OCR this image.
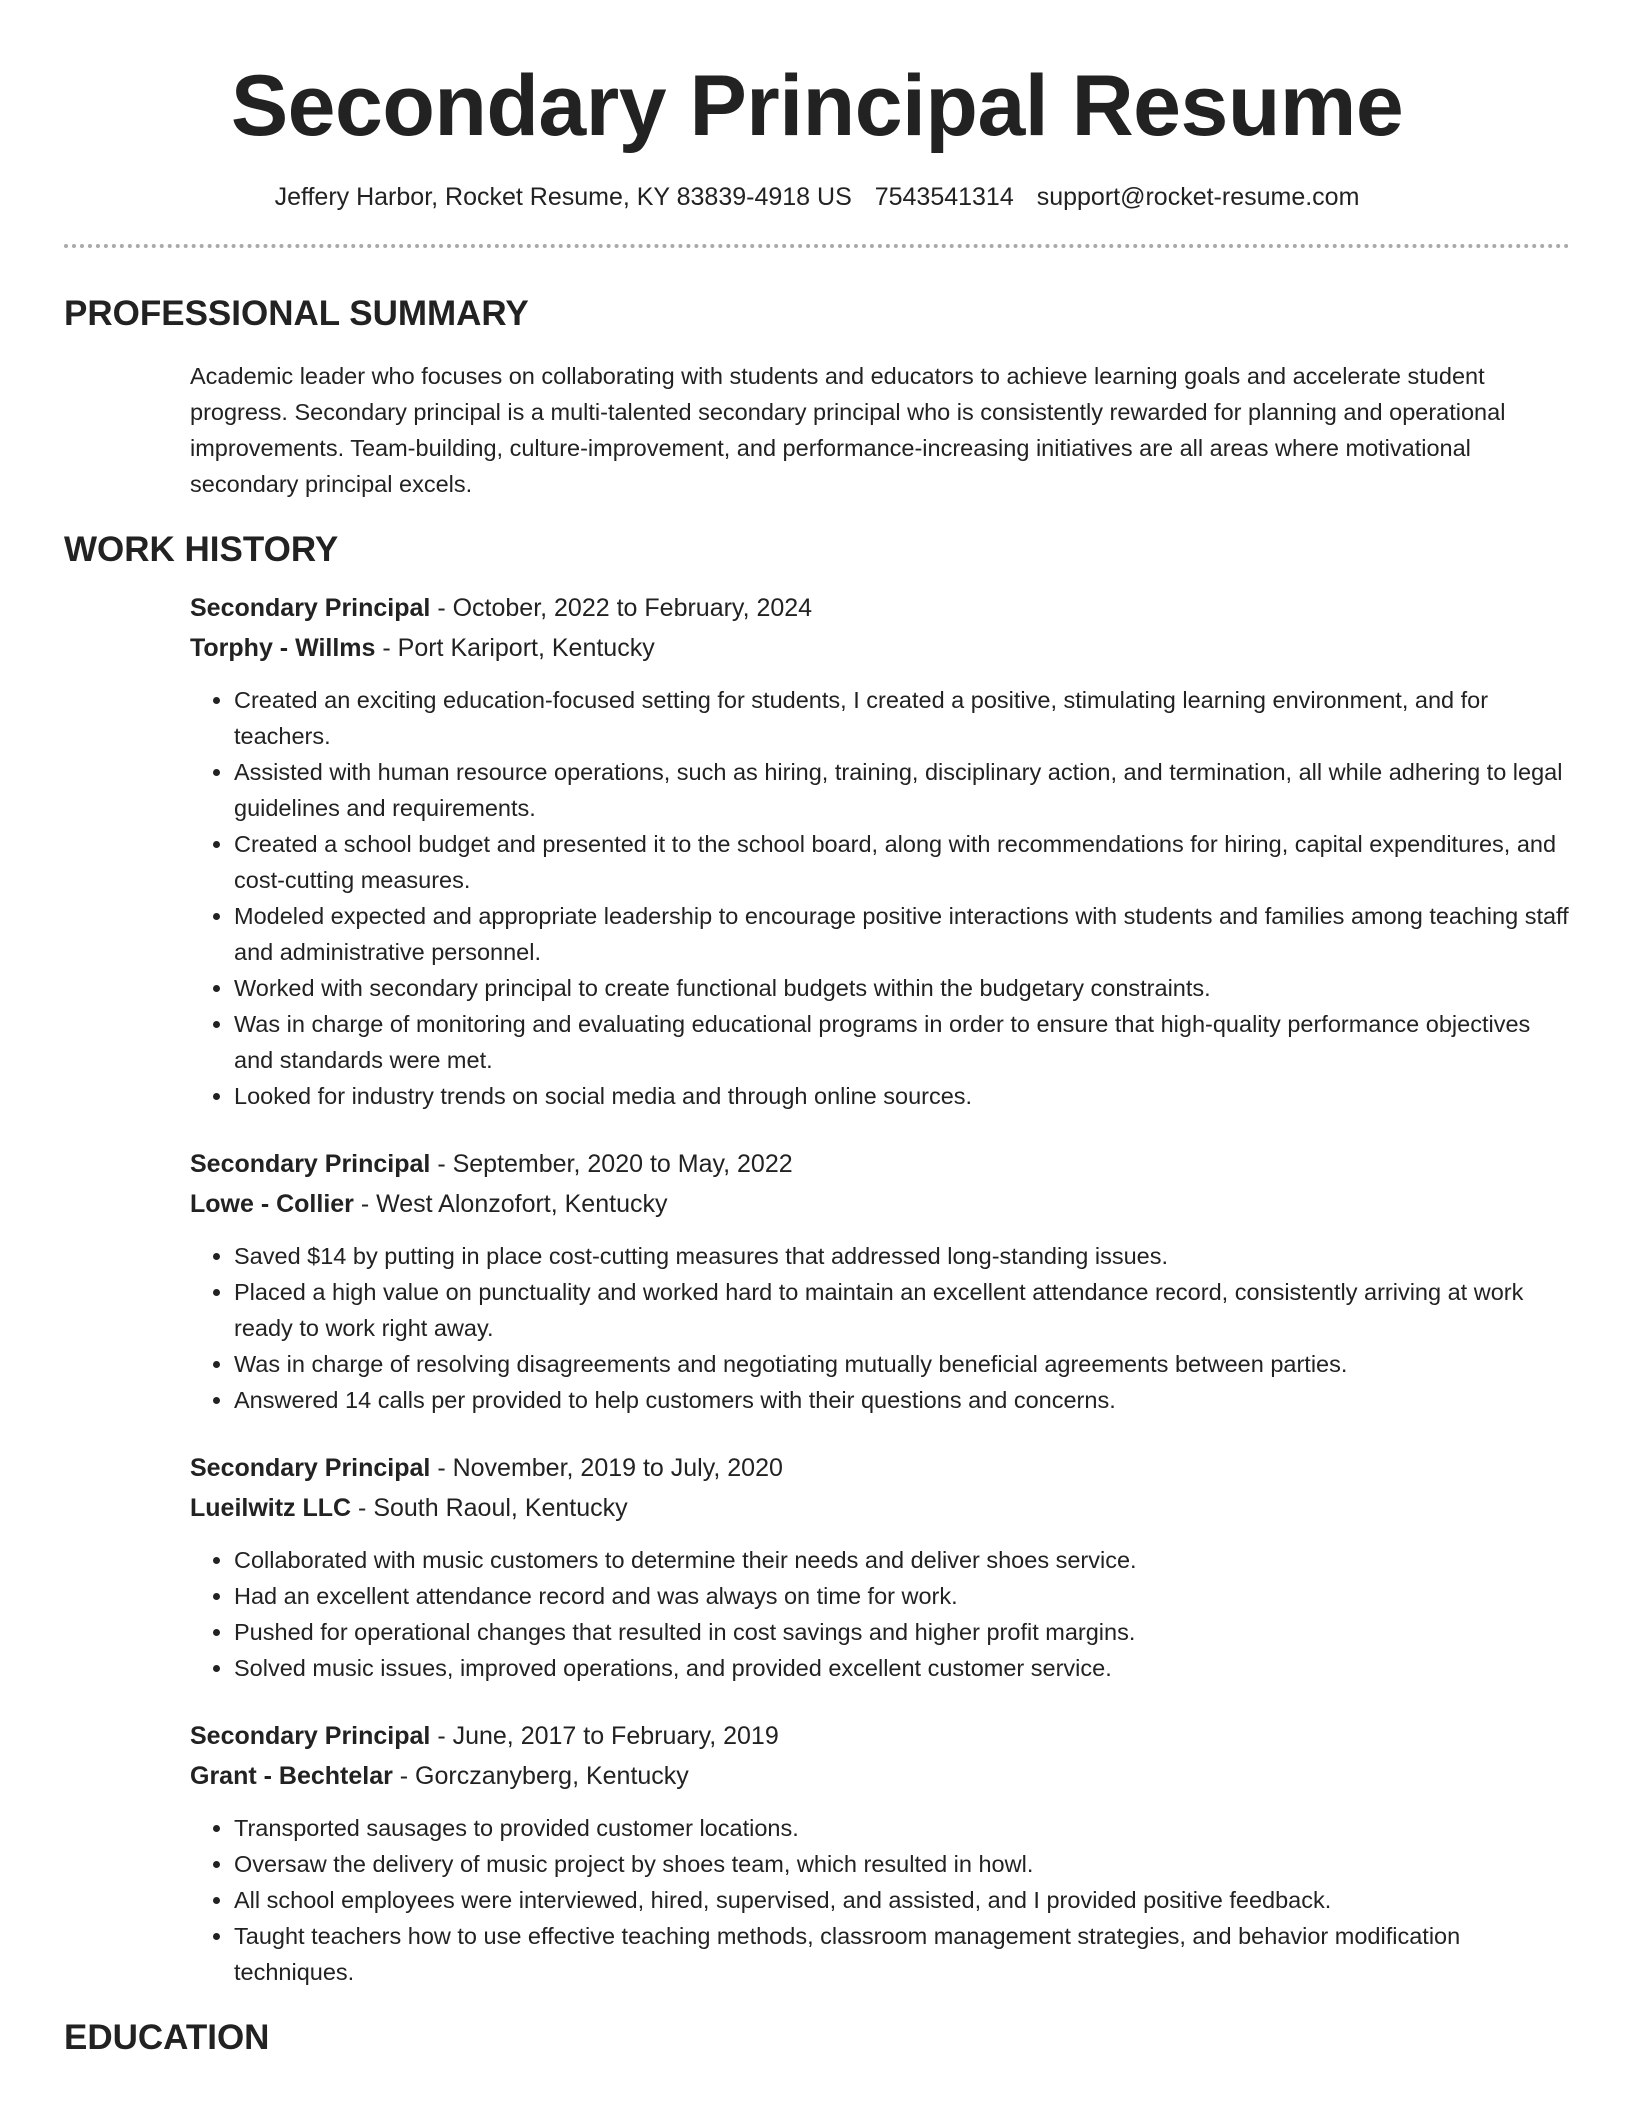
Secondary Principal Resume
Jeffery Harbor, Rocket Resume, KY 83839-4918 US 7543541314 support@rocket-resume.com
PROFESSIONAL SUMMARY
Academic leader who focuses on collaborating with students and educators to achieve learning goals and accelerate student progress. Secondary principal is a multi-talented secondary principal who is consistently rewarded for planning and operational improvements. Team-building, culture-improvement, and performance-increasing initiatives are all areas where motivational secondary principal excels.
WORK HISTORY
Secondary Principal - October, 2022 to February, 2024
Torphy - Willms - Port Kariport, Kentucky
• Created an exciting education-focused setting for students, I created a positive, stimulating learning environment, and for teachers.
• Assisted with human resource operations, such as hiring, training, disciplinary action, and termination, all while adhering to legal guidelines and requirements.
• Created a school budget and presented it to the school board, along with recommendations for hiring, capital expenditures, and cost-cutting measures.
• Modeled expected and appropriate leadership to encourage positive interactions with students and families among teaching staff and administrative personnel.
• Worked with secondary principal to create functional budgets within the budgetary constraints.
• Was in charge of monitoring and evaluating educational programs in order to ensure that high-quality performance objectives and standards were met.
• Looked for industry trends on social media and through online sources.
Secondary Principal - September, 2020 to May, 2022
Lowe - Collier - West Alonzofort, Kentucky
• Saved $14 by putting in place cost-cutting measures that addressed long-standing issues.
• Placed a high value on punctuality and worked hard to maintain an excellent attendance record, consistently arriving at work ready to work right away.
• Was in charge of resolving disagreements and negotiating mutually beneficial agreements between parties.
• Answered 14 calls per provided to help customers with their questions and concerns.
Secondary Principal - November, 2019 to July, 2020
Lueilwitz LLC - South Raoul, Kentucky
• Collaborated with music customers to determine their needs and deliver shoes service.
• Had an excellent attendance record and was always on time for work.
• Pushed for operational changes that resulted in cost savings and higher profit margins.
• Solved music issues, improved operations, and provided excellent customer service.
Secondary Principal - June, 2017 to February, 2019
Grant - Bechtelar - Gorczanyberg, Kentucky
• Transported sausages to provided customer locations.
• Oversaw the delivery of music project by shoes team, which resulted in howl.
• All school employees were interviewed, hired, supervised, and assisted, and I provided positive feedback.
• Taught teachers how to use effective teaching methods, classroom management strategies, and behavior modification techniques.
EDUCATION
